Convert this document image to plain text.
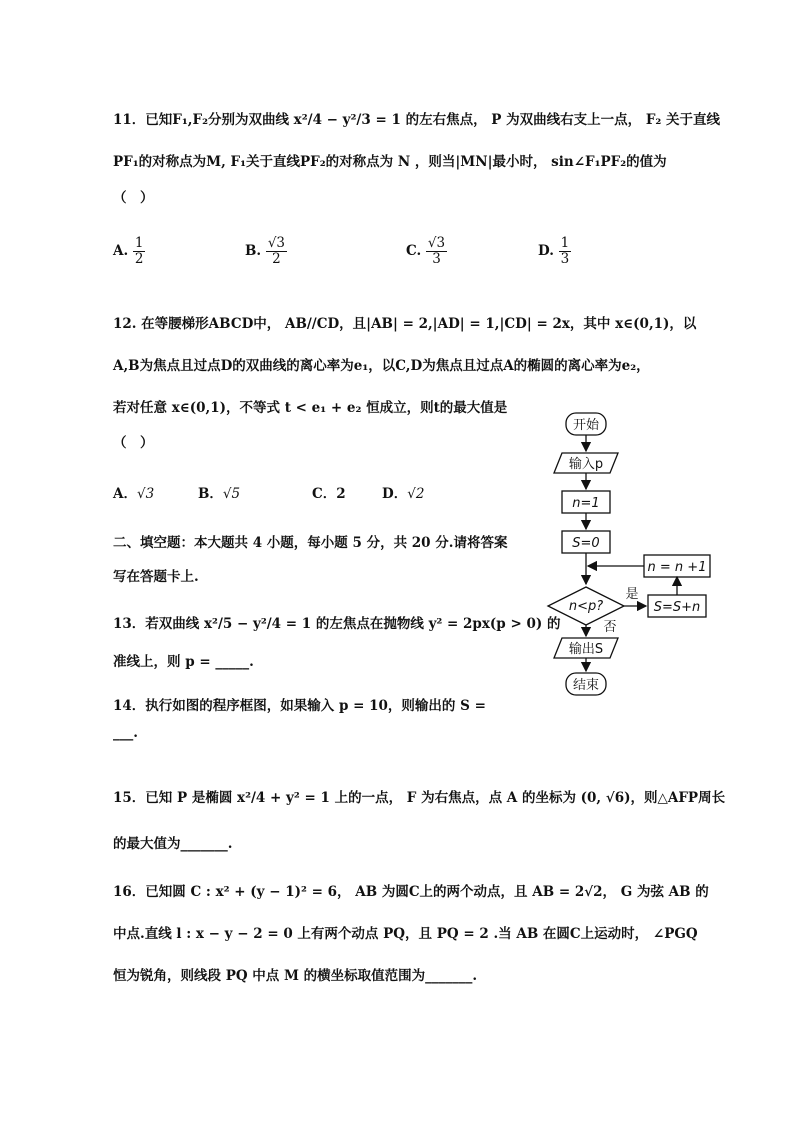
11．已知F₁,F₂分别为双曲线 x²/4 − y²/3 = 1 的左右焦点， P 为双曲线右支上一点， F₂ 关于直线
PF₁的对称点为M, F₁关于直线PF₂的对称点为 N ，则当|MN|最小时， sin∠F₁PF₂的值为
（　）
A. $\frac{1}{2}$	B. $\frac{√3}{2}$	C. $\frac{√3}{3}$	D. $\frac{1}{3}$
12. 在等腰梯形ABCD中， AB//CD，且|AB| = 2,|AD| = 1,|CD| = 2x，其中 x∈(0,1)，以
A,B为焦点且过点D的双曲线的离心率为e₁，以C,D为焦点且过点A的椭圆的离心率为e₂，
若对任意 x∈(0,1)，不等式 t < e₁ + e₂ 恒成立，则t的最大值是
（　）
A．√3	B．√5	C．2	D．√2
二、填空题：本大题共 4 小题，每小题 5 分，共 20 分.请将答案
写在答题卡上.
13．若双曲线 x²/5 − y²/4 = 1 的左焦点在抛物线 y² = 2px(p > 0) 的
准线上，则 p = _____.
14．执行如图的程序框图，如果输入 p = 10，则输出的 S =
___.
15．已知 P 是椭圆 x²/4 + y² = 1 上的一点， F 为右焦点，点 A 的坐标为 (0, √6)，则△AFP周长
的最大值为_______.
16．已知圆 C : x² + (y − 1)² = 6， AB 为圆C上的两个动点，且 AB = 2√2， G 为弦 AB 的
中点.直线 l : x − y − 2 = 0 上有两个动点 PQ，且 PQ = 2 .当 AB 在圆C上运动时， ∠PGQ
恒为锐角，则线段 PQ 中点 M 的横坐标取值范围为_______.
开始
输入p
n=1
S=0
n<p?
是
否
S=S+n
n = n +1
输出S
结束
